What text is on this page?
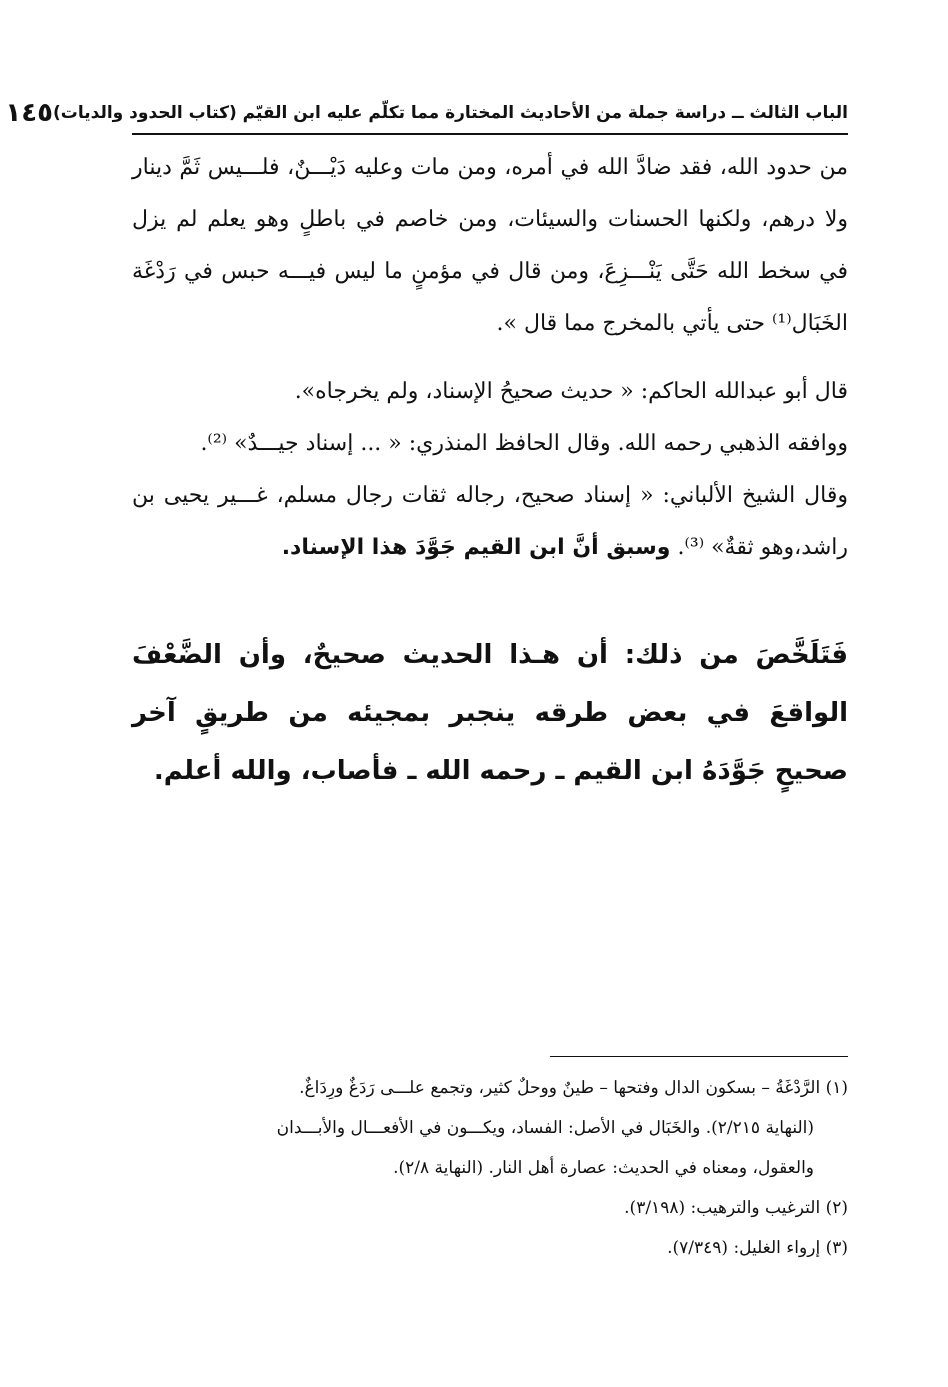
الباب الثالث ــ دراسة جملة من الأحاديث المختارة مما تكلّم عليه ابن القيّم (كتاب الحدود والديات)
١٤٥

من حدود الله، فقد ضادَّ الله في أمره، ومن مات وعليه دَيْـــنٌ، فلـــيس ثَمَّ دينار ولا درهم، ولكنها الحسنات والسيئات، ومن خاصم في باطلٍ وهو يعلم لم يزل في سخط الله حَتَّى يَنْـــزِعَ، ومن قال في مؤمنٍ ما ليس فيـــه حبس في رَدْغَة الخَبَال⁽¹⁾ حتى يأتي بالمخرج مما قال ».

قال أبو عبدالله الحاكم: « حديث صحيحُ الإسناد، ولم يخرجاه».
ووافقه الذهبي رحمه الله. وقال الحافظ المنذري: « ... إسناد جيـــدٌ» ⁽²⁾.
وقال الشيخ الألباني: « إسناد صحيح، رجاله ثقات رجال مسلم، غـــير يحيى بن راشد،وهو ثقةٌ» ⁽³⁾. وسبق أنَّ ابن القيم جَوَّدَ هذا الإسناد.

فَتَلَخَّصَ من ذلك: أن هـذا الحديث صحيحٌ، وأن الضَّعْفَ الواقعَ في بعض طرقه ينجبر بمجيئه من طريقٍ آخر صحيحٍ جَوَّدَهُ ابن القيم ـ رحمه الله ـ فأصاب، والله أعلم.

(١) الرَّدْغَةُ – بسكون الدال وفتحها – طينٌ ووحلٌ كثير، وتجمع علـــى رَدَغٌ ورِدَاغٌ.
(النهاية ٢/٢١٥). والخَبَال في الأصل: الفساد، ويكـــون في الأفعـــال والأبـــدان
والعقول، ومعناه في الحديث: عصارة أهل النار. (النهاية ٢/٨).
(٢) الترغيب والترهيب: (٣/١٩٨).
(٣) إرواء الغليل: (٧/٣٤٩).
